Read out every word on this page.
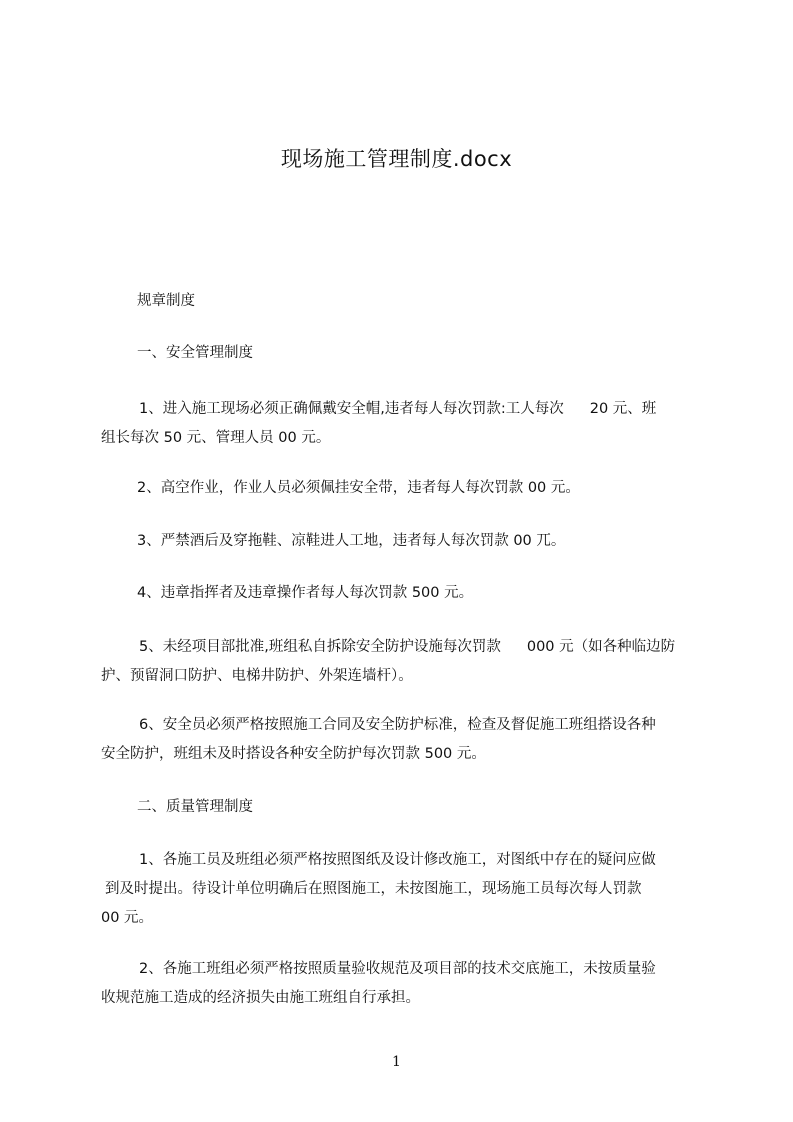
现场施工管理制度.docx

规章制度

一、安全管理制度

1、进入施工现场必须正确佩戴安全帽,违者每人每次罚款:工人每次 20 元、班
组长每次 50 元、管理人员 00 元。

2、高空作业，作业人员必须佩挂安全带，违者每人每次罚款 00 元。

3、严禁酒后及穿拖鞋、凉鞋进人工地，违者每人每次罚款 00 兀。

4、违章指挥者及违章操作者每人每次罚款 500 元。

5、未经项目部批准,班组私自拆除安全防护设施每次罚款 000 元（如各种临边防
护、预留洞口防护、电梯井防护、外架连墙杆）。

6、安全员必须严格按照施工合同及安全防护标准，检查及督促施工班组搭设各种
安全防护，班组未及时搭设各种安全防护每次罚款 500 元。

二、质量管理制度

1、各施工员及班组必须严格按照图纸及设计修改施工，对图纸中存在的疑问应做
到及时提出。待设计单位明确后在照图施工，未按图施工，现场施工员每次每人罚款
00 元。

2、各施工班组必须严格按照质量验收规范及项目部的技术交底施工，未按质量验
收规范施工造成的经济损失由施工班组自行承担。

1
